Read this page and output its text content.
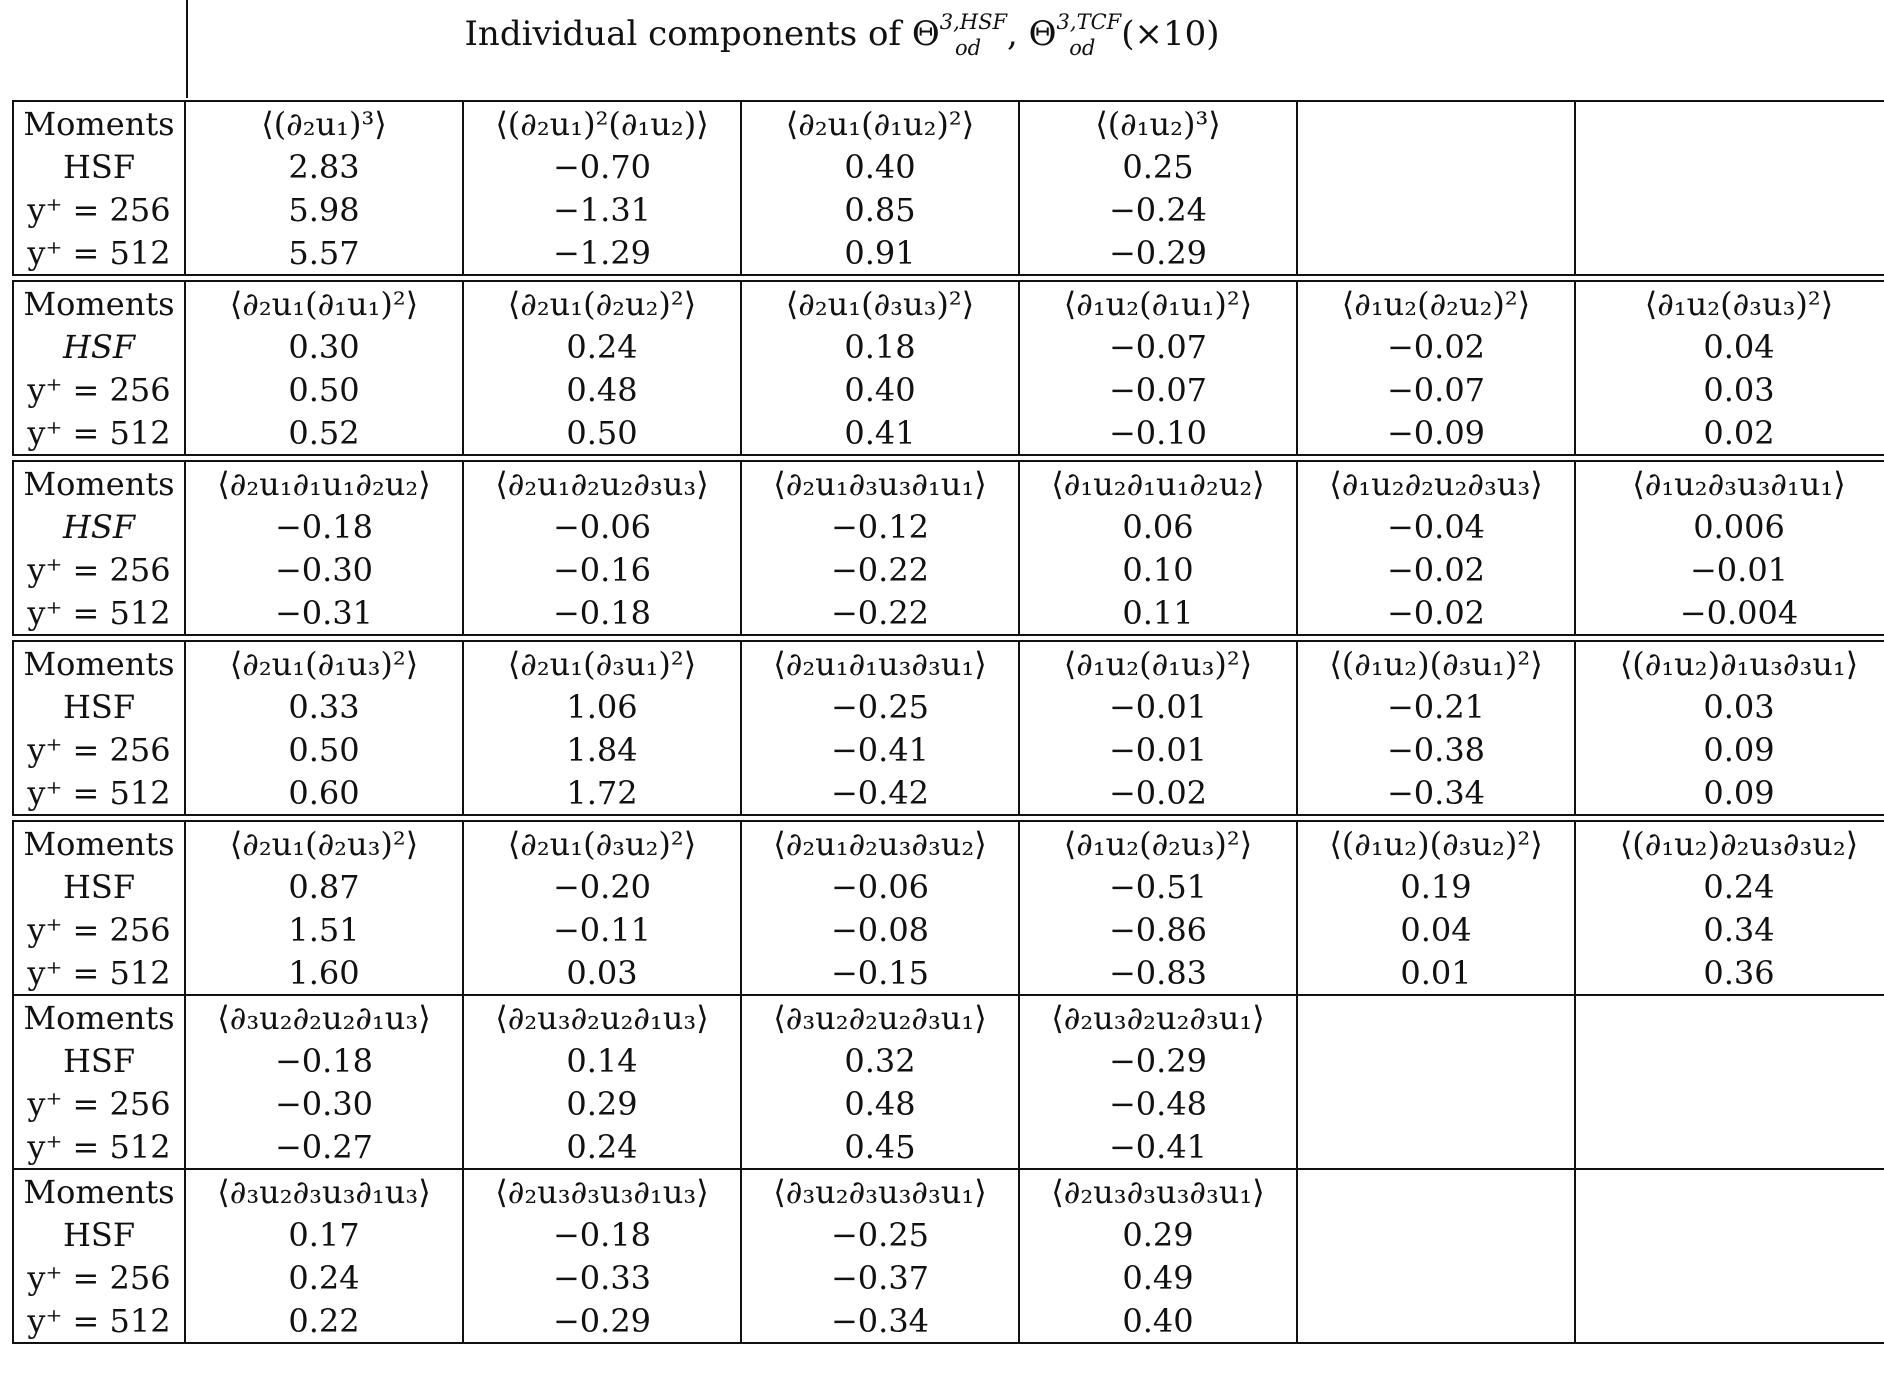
Individual components of Θ $^{3,HSF}$
$_{od}$ , Θ $^{3,TCF}$
$_{od}$ (×10)
Moments	⟨(∂₂u₁)³⟩	⟨(∂₂u₁)²(∂₁u₂)⟩	⟨∂₂u₁(∂₁u₂)²⟩	⟨(∂₁u₂)³⟩		
HSF	2.83	−0.70	0.40	0.25		
y⁺ = 256	5.98	−1.31	0.85	−0.24		
y⁺ = 512	5.57	−1.29	0.91	−0.29		
Moments	⟨∂₂u₁(∂₁u₁)²⟩	⟨∂₂u₁(∂₂u₂)²⟩	⟨∂₂u₁(∂₃u₃)²⟩	⟨∂₁u₂(∂₁u₁)²⟩	⟨∂₁u₂(∂₂u₂)²⟩	⟨∂₁u₂(∂₃u₃)²⟩
HSF	0.30	0.24	0.18	−0.07	−0.02	0.04
y⁺ = 256	0.50	0.48	0.40	−0.07	−0.07	0.03
y⁺ = 512	0.52	0.50	0.41	−0.10	−0.09	0.02
Moments	⟨∂₂u₁∂₁u₁∂₂u₂⟩	⟨∂₂u₁∂₂u₂∂₃u₃⟩	⟨∂₂u₁∂₃u₃∂₁u₁⟩	⟨∂₁u₂∂₁u₁∂₂u₂⟩	⟨∂₁u₂∂₂u₂∂₃u₃⟩	⟨∂₁u₂∂₃u₃∂₁u₁⟩
HSF	−0.18	−0.06	−0.12	0.06	−0.04	0.006
y⁺ = 256	−0.30	−0.16	−0.22	0.10	−0.02	−0.01
y⁺ = 512	−0.31	−0.18	−0.22	0.11	−0.02	−0.004
Moments	⟨∂₂u₁(∂₁u₃)²⟩	⟨∂₂u₁(∂₃u₁)²⟩	⟨∂₂u₁∂₁u₃∂₃u₁⟩	⟨∂₁u₂(∂₁u₃)²⟩	⟨(∂₁u₂)(∂₃u₁)²⟩	⟨(∂₁u₂)∂₁u₃∂₃u₁⟩
HSF	0.33	1.06	−0.25	−0.01	−0.21	0.03
y⁺ = 256	0.50	1.84	−0.41	−0.01	−0.38	0.09
y⁺ = 512	0.60	1.72	−0.42	−0.02	−0.34	0.09
Moments	⟨∂₂u₁(∂₂u₃)²⟩	⟨∂₂u₁(∂₃u₂)²⟩	⟨∂₂u₁∂₂u₃∂₃u₂⟩	⟨∂₁u₂(∂₂u₃)²⟩	⟨(∂₁u₂)(∂₃u₂)²⟩	⟨(∂₁u₂)∂₂u₃∂₃u₂⟩
HSF	0.87	−0.20	−0.06	−0.51	0.19	0.24
y⁺ = 256	1.51	−0.11	−0.08	−0.86	0.04	0.34
y⁺ = 512	1.60	0.03	−0.15	−0.83	0.01	0.36
Moments	⟨∂₃u₂∂₂u₂∂₁u₃⟩	⟨∂₂u₃∂₂u₂∂₁u₃⟩	⟨∂₃u₂∂₂u₂∂₃u₁⟩	⟨∂₂u₃∂₂u₂∂₃u₁⟩		
HSF	−0.18	0.14	0.32	−0.29		
y⁺ = 256	−0.30	0.29	0.48	−0.48		
y⁺ = 512	−0.27	0.24	0.45	−0.41		
Moments	⟨∂₃u₂∂₃u₃∂₁u₃⟩	⟨∂₂u₃∂₃u₃∂₁u₃⟩	⟨∂₃u₂∂₃u₃∂₃u₁⟩	⟨∂₂u₃∂₃u₃∂₃u₁⟩		
HSF	0.17	−0.18	−0.25	0.29		
y⁺ = 256	0.24	−0.33	−0.37	0.49		
y⁺ = 512	0.22	−0.29	−0.34	0.40		
